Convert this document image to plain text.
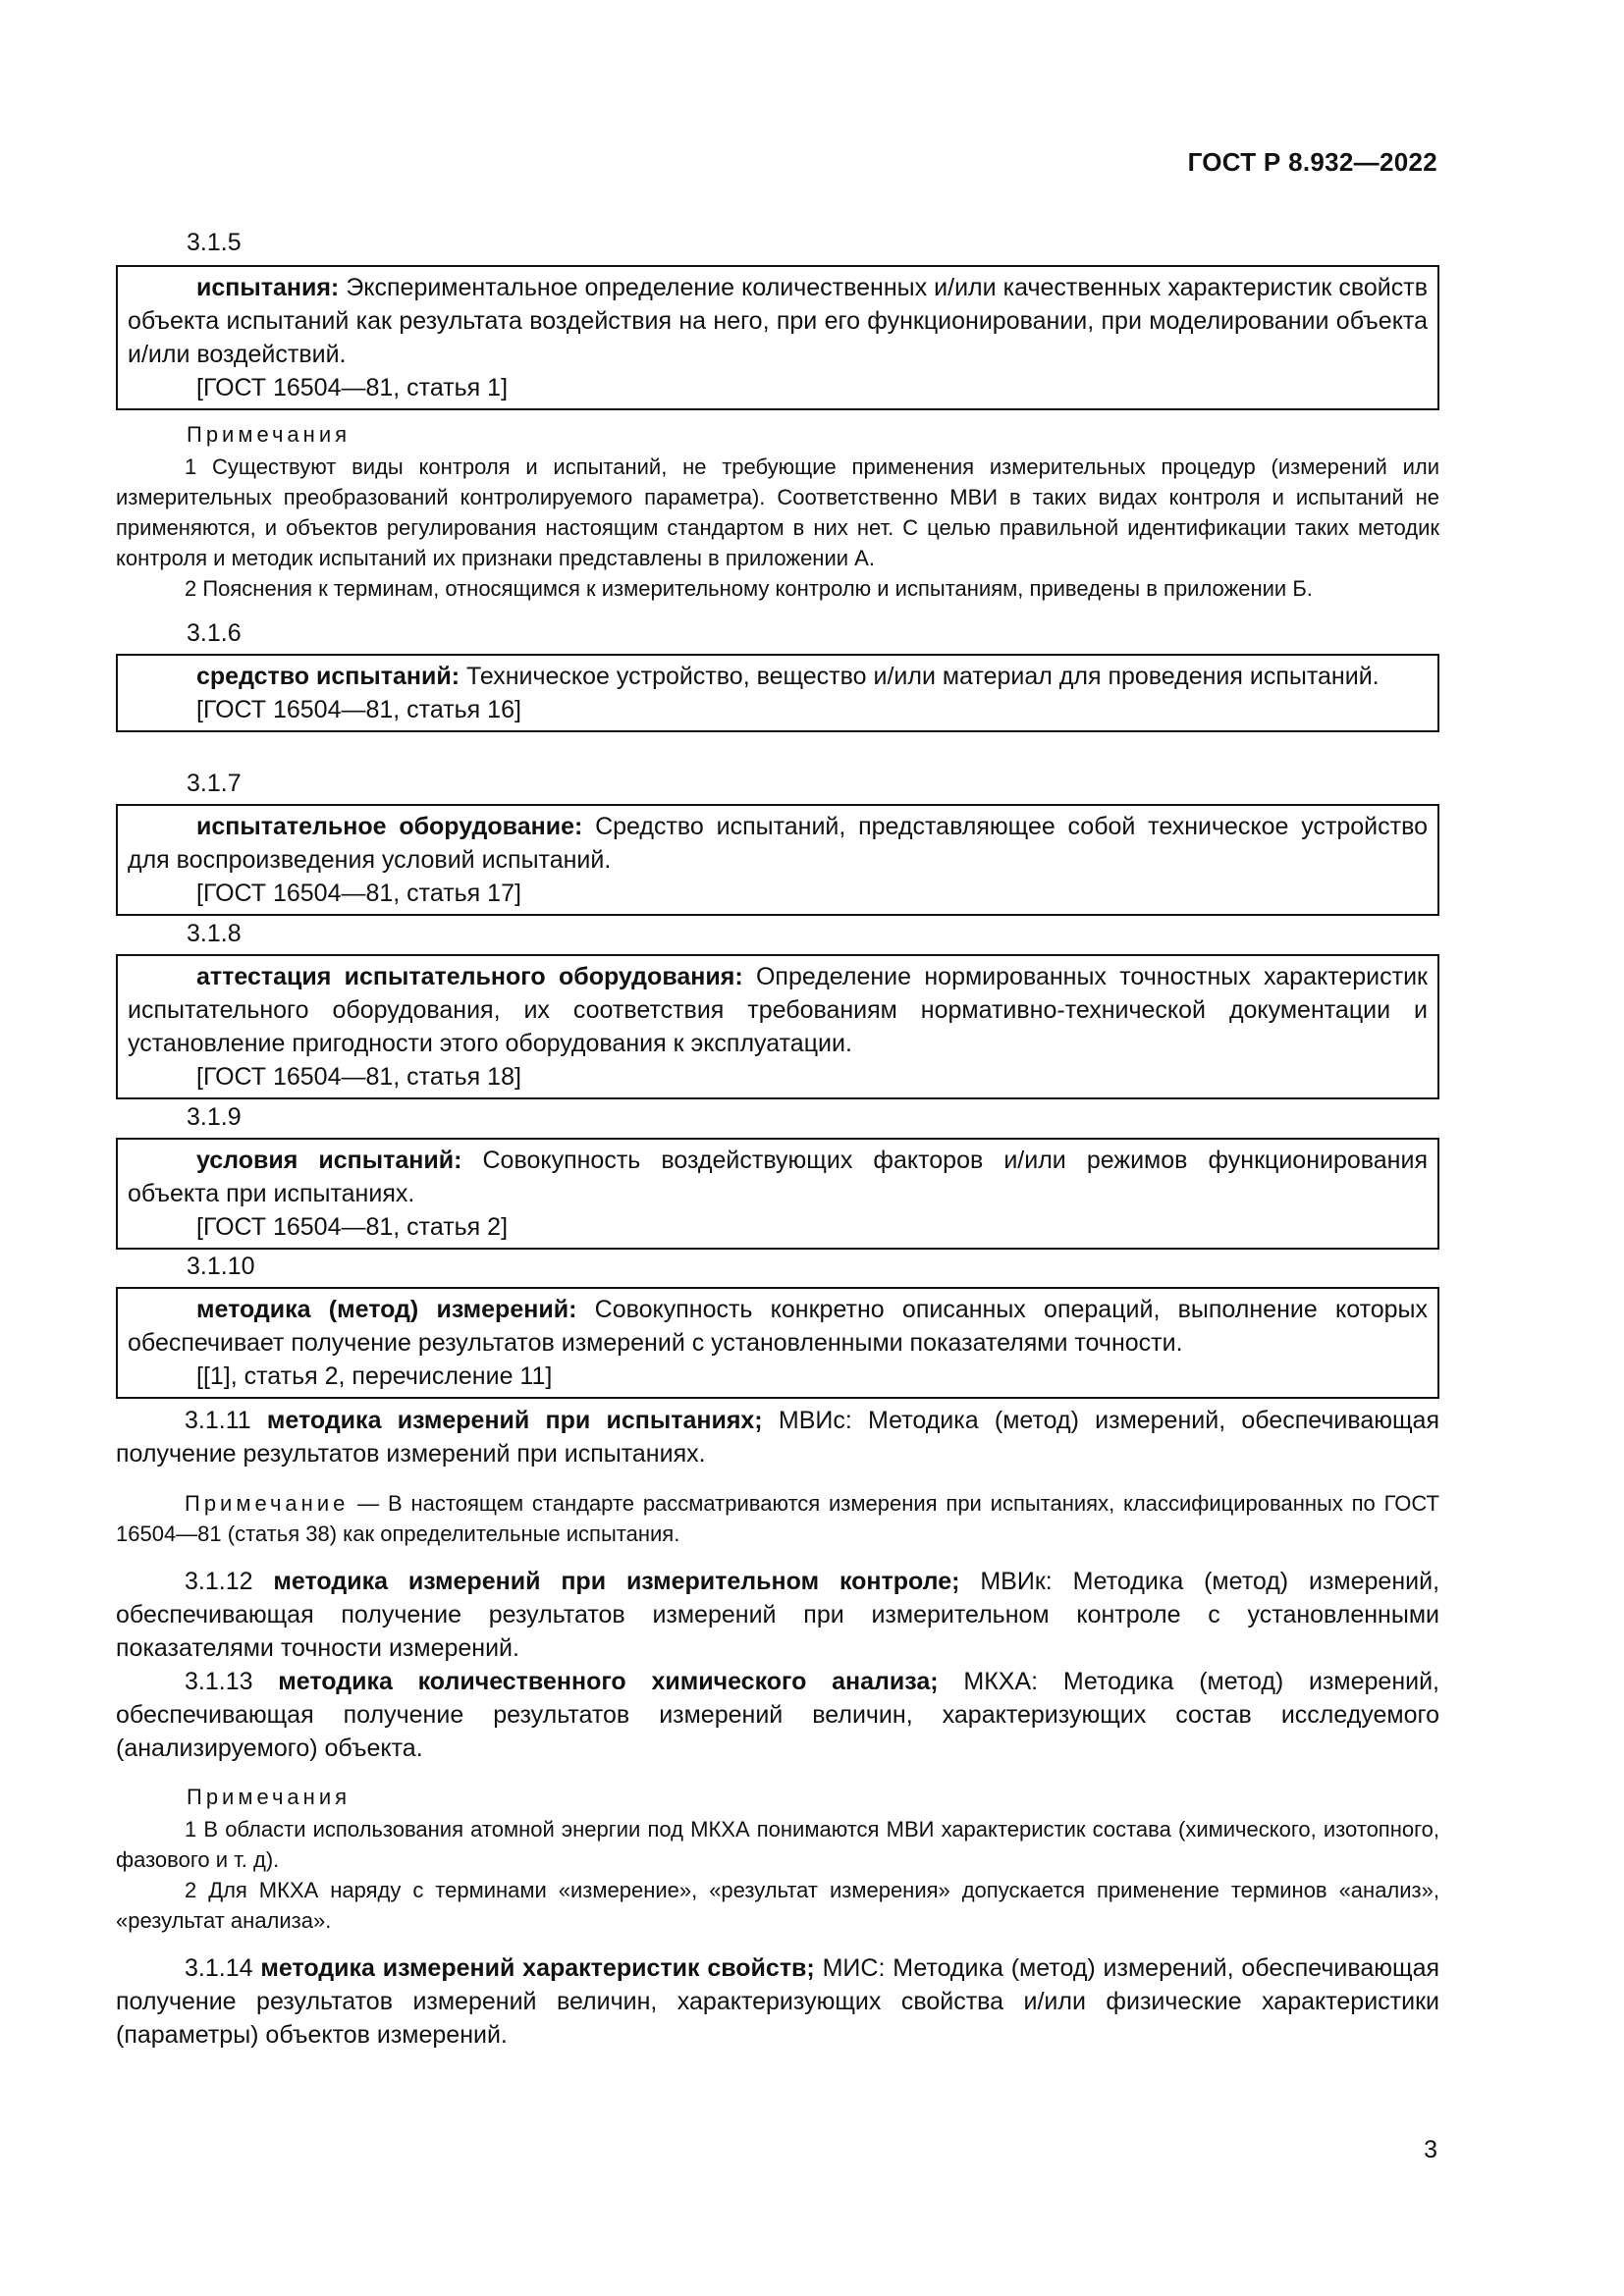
ГОСТ Р 8.932—2022
3.1.5

испытания: Экспериментальное определение количественных и/или качественных характеристик свойств объекта испытаний как результата воздействия на него, при его функционировании, при моделировании объекта и/или воздействий.

[ГОСТ 16504—81, статья 1]

Примечания

1 Существуют виды контроля и испытаний, не требующие применения измерительных процедур (измерений или измерительных преобразований контролируемого параметра). Соответственно МВИ в таких видах контроля и испытаний не применяются, и объектов регулирования настоящим стандартом в них нет. С целью правильной идентификации таких методик контроля и методик испытаний их признаки представлены в приложении А.

2 Пояснения к терминам, относящимся к измерительному контролю и испытаниям, приведены в приложении Б.

3.1.6

средство испытаний: Техническое устройство, вещество и/или материал для проведения испытаний.

[ГОСТ 16504—81, статья 16]

3.1.7

испытательное оборудование: Средство испытаний, представляющее собой техническое устройство для воспроизведения условий испытаний.

[ГОСТ 16504—81, статья 17]

3.1.8

аттестация испытательного оборудования: Определение нормированных точностных характеристик испытательного оборудования, их соответствия требованиям нормативно-технической документации и установление пригодности этого оборудования к эксплуатации.

[ГОСТ 16504—81, статья 18]

3.1.9

условия испытаний: Совокупность воздействующих факторов и/или режимов функционирования объекта при испытаниях.

[ГОСТ 16504—81, статья 2]

3.1.10

методика (метод) измерений: Совокупность конкретно описанных операций, выполнение которых обеспечивает получение результатов измерений с установленными показателями точности.

[[1], статья 2, перечисление 11]

3.1.11 методика измерений при испытаниях; МВИс: Методика (метод) измерений, обеспечивающая получение результатов измерений при испытаниях.

Примечание — В настоящем стандарте рассматриваются измерения при испытаниях, классифицированных по ГОСТ 16504—81 (статья 38) как определительные испытания.

3.1.12 методика измерений при измерительном контроле; МВИк: Методика (метод) измерений, обеспечивающая получение результатов измерений при измерительном контроле с установленными показателями точности измерений.

3.1.13 методика количественного химического анализа; МКХА: Методика (метод) измерений, обеспечивающая получение результатов измерений величин, характеризующих состав исследуемого (анализируемого) объекта.

Примечания

1 В области использования атомной энергии под МКХА понимаются МВИ характеристик состава (химического, изотопного, фазового и т. д).

2 Для МКХА наряду с терминами «измерение», «результат измерения» допускается применение терминов «анализ», «результат анализа».

3.1.14 методика измерений характеристик свойств; МИС: Методика (метод) измерений, обеспечивающая получение результатов измерений величин, характеризующих свойства и/или физические характеристики (параметры) объектов измерений.

3
